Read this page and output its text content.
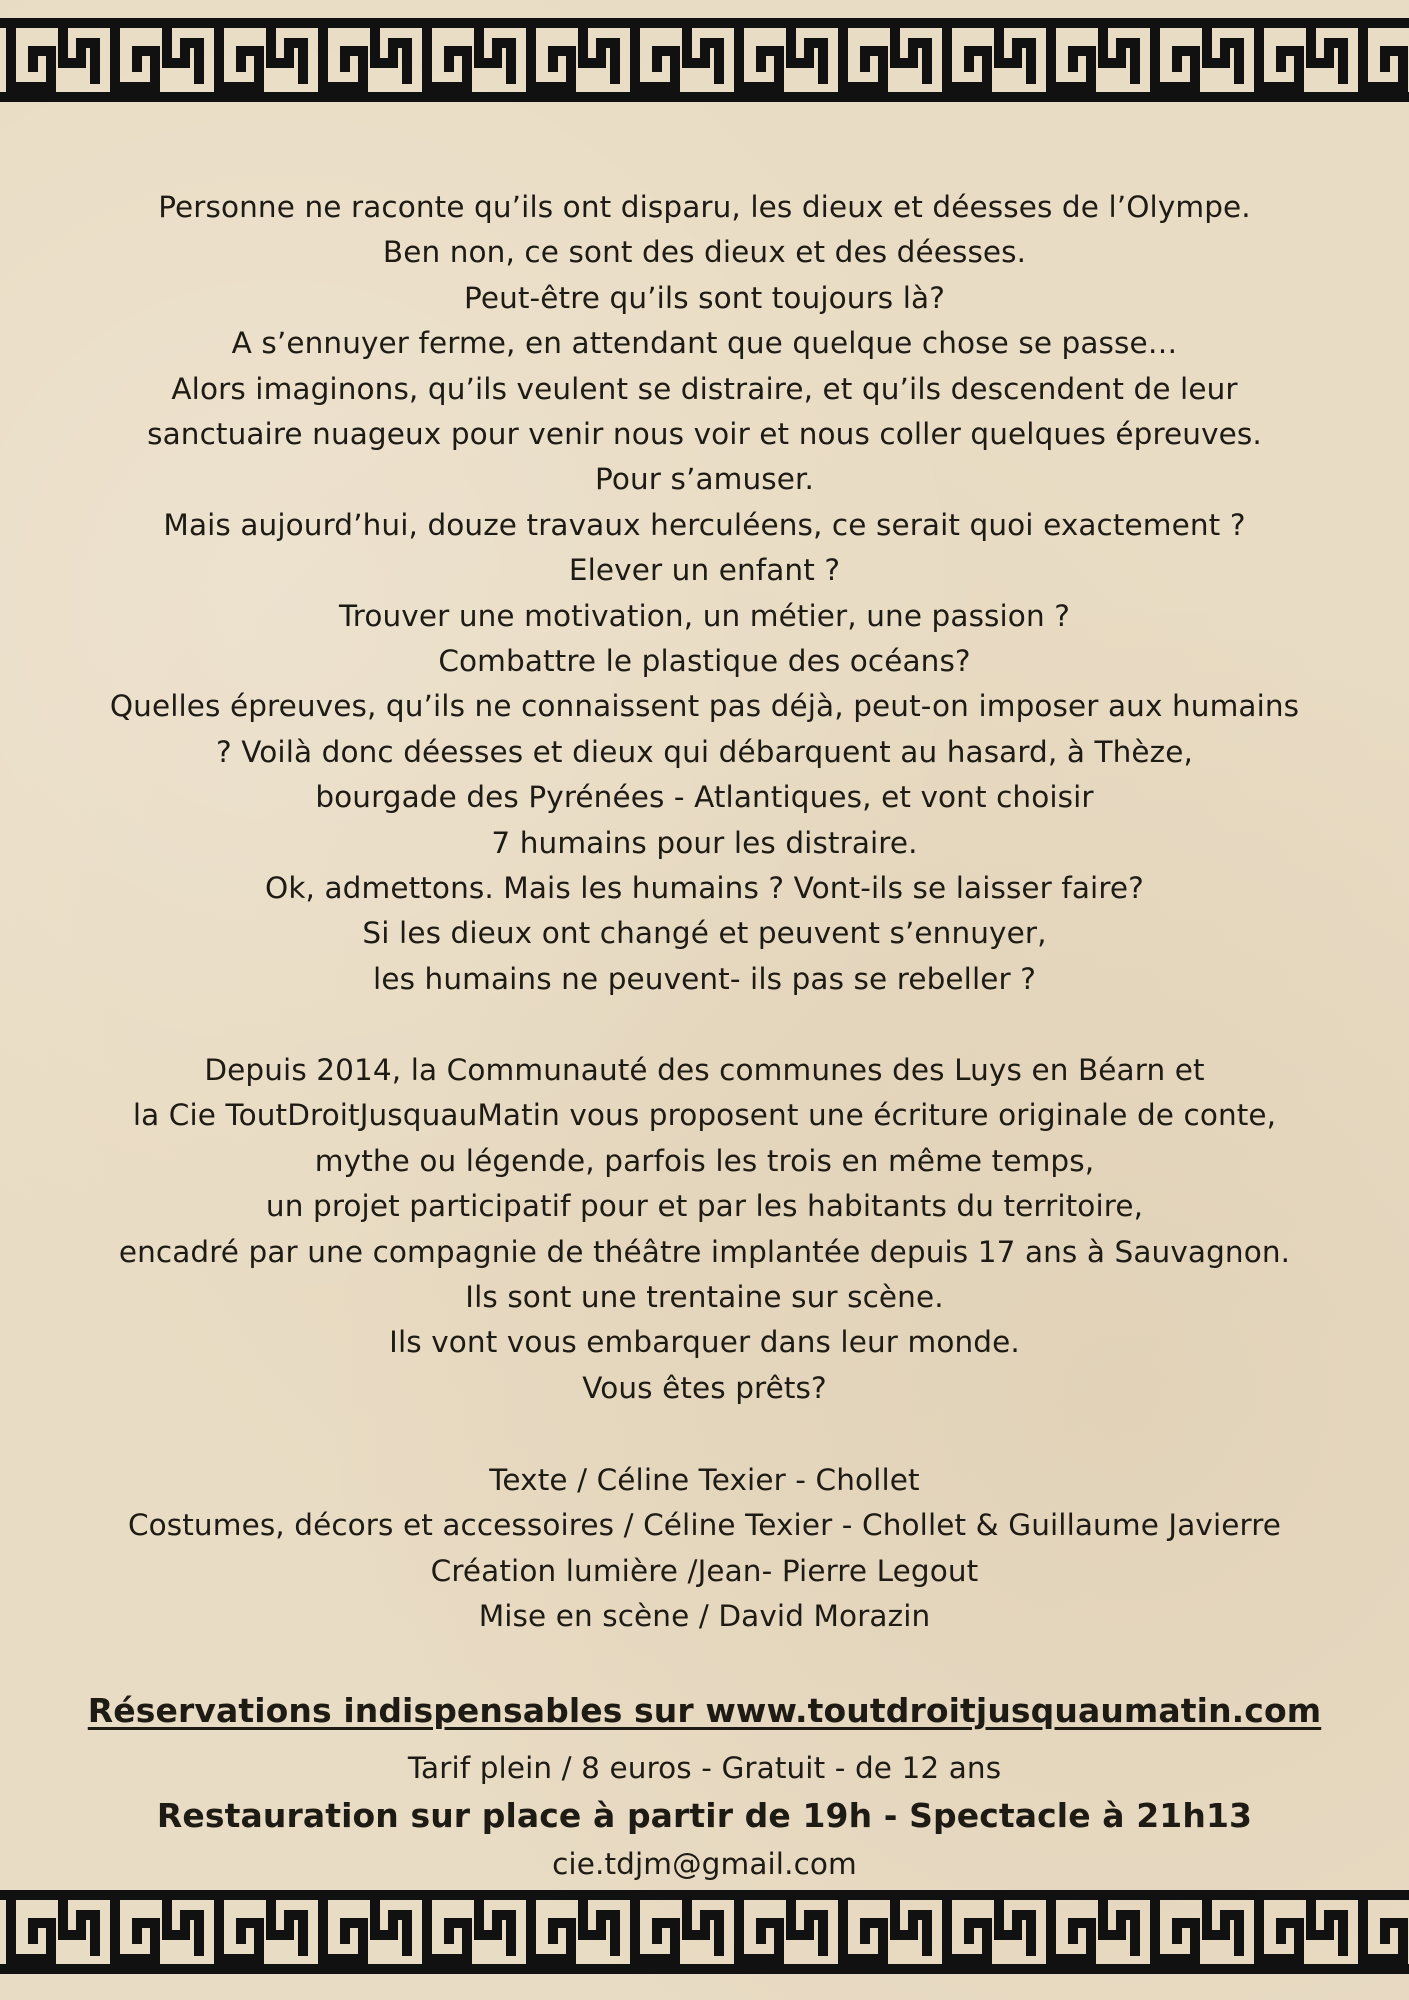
Personne ne raconte qu’ils ont disparu, les dieux et déesses de l’Olympe.
Ben non, ce sont des dieux et des déesses.
Peut-être qu’ils sont toujours là?
A s’ennuyer ferme, en attendant que quelque chose se passe…
Alors imaginons, qu’ils veulent se distraire, et qu’ils descendent de leur
sanctuaire nuageux pour venir nous voir et nous coller quelques épreuves.
Pour s’amuser.
Mais aujourd’hui, douze travaux herculéens, ce serait quoi exactement ?
Elever un enfant ?
Trouver une motivation, un métier, une passion ?
Combattre le plastique des océans?
Quelles épreuves, qu’ils ne connaissent pas déjà, peut-on imposer aux humains
? Voilà donc déesses et dieux qui débarquent au hasard, à Thèze,
bourgade des Pyrénées - Atlantiques, et vont choisir
7 humains pour les distraire.
Ok, admettons. Mais les humains ? Vont-ils se laisser faire?
Si les dieux ont changé et peuvent s’ennuyer,
les humains ne peuvent- ils pas se rebeller ?
Depuis 2014, la Communauté des communes des Luys en Béarn et
la Cie ToutDroitJusquauMatin vous proposent une écriture originale de conte,
mythe ou légende, parfois les trois en même temps,
un projet participatif pour et par les habitants du territoire,
encadré par une compagnie de théâtre implantée depuis 17 ans à Sauvagnon.
Ils sont une trentaine sur scène.
Ils vont vous embarquer dans leur monde.
Vous êtes prêts?
Texte / Céline Texier - Chollet
Costumes, décors et accessoires / Céline Texier - Chollet & Guillaume Javierre
Création lumière /Jean- Pierre Legout
Mise en scène / David Morazin
Réservations indispensables sur www.toutdroitjusquaumatin.com
Tarif plein / 8 euros - Gratuit - de 12 ans
Restauration sur place à partir de 19h - Spectacle à 21h13
cie.tdjm@gmail.com
